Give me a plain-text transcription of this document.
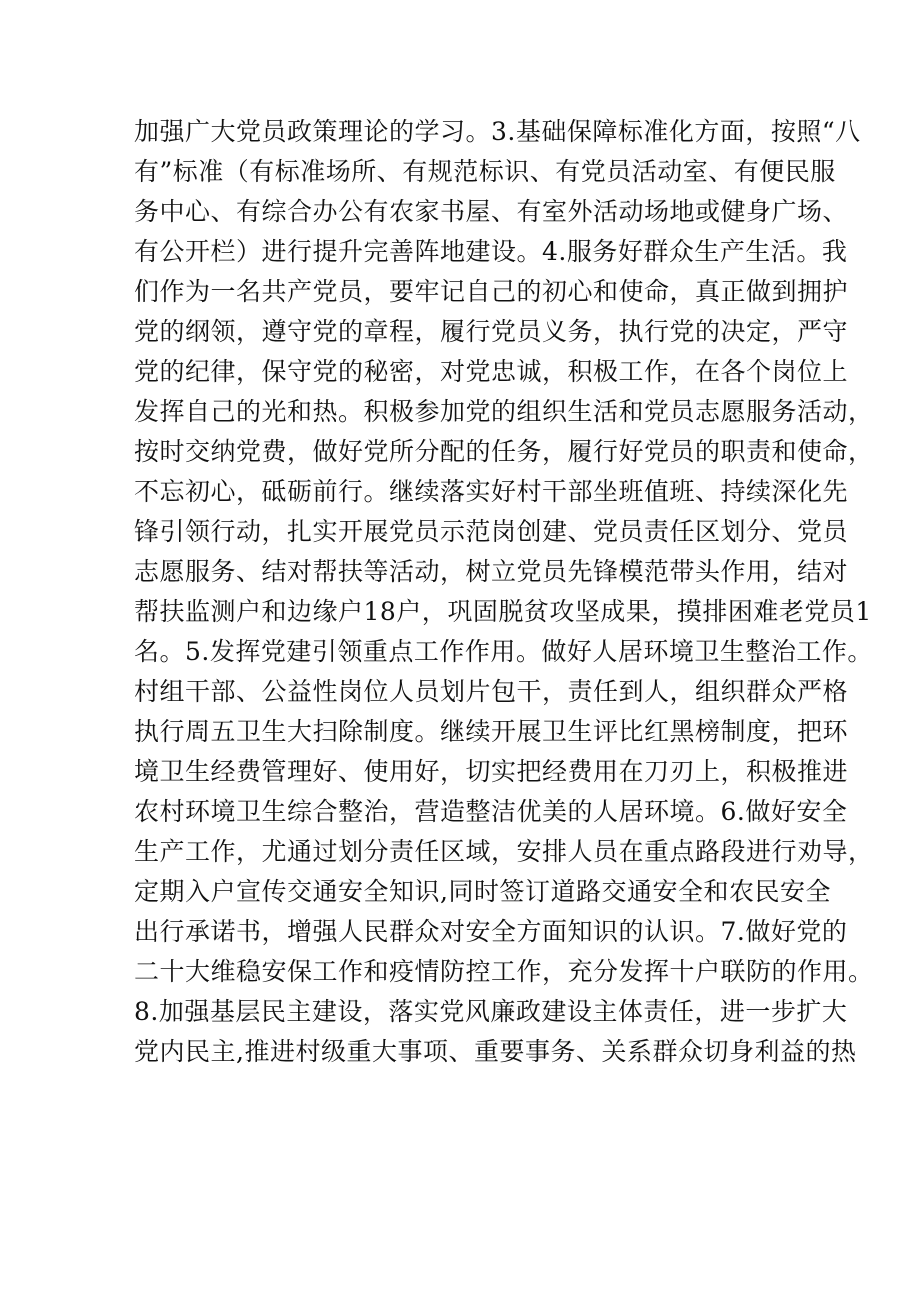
加强广大党员政策理论的学习。3.基础保障标准化方面，按照“八
有”标准（有标准场所、有规范标识、有党员活动室、有便民服
务中心、有综合办公有农家书屋、有室外活动场地或健身广场、
有公开栏）进行提升完善阵地建设。4.服务好群众生产生活。我
们作为一名共产党员，要牢记自己的初心和使命，真正做到拥护
党的纲领，遵守党的章程，履行党员义务，执行党的决定，严守
党的纪律，保守党的秘密，对党忠诚，积极工作，在各个岗位上
发挥自己的光和热。积极参加党的组织生活和党员志愿服务活动，
按时交纳党费，做好党所分配的任务，履行好党员的职责和使命，
不忘初心，砥砺前行。继续落实好村干部坐班值班、持续深化先
锋引领行动，扎实开展党员示范岗创建、党员责任区划分、党员
志愿服务、结对帮扶等活动，树立党员先锋模范带头作用，结对
帮扶监测户和边缘户18户，巩固脱贫攻坚成果，摸排困难老党员1
名。5.发挥党建引领重点工作作用。做好人居环境卫生整治工作。
村组干部、公益性岗位人员划片包干，责任到人，组织群众严格
执行周五卫生大扫除制度。继续开展卫生评比红黑榜制度，把环
境卫生经费管理好、使用好，切实把经费用在刀刃上，积极推进
农村环境卫生综合整治，营造整洁优美的人居环境。6.做好安全
生产工作，尤通过划分责任区域，安排人员在重点路段进行劝导，
定期入户宣传交通安全知识,同时签订道路交通安全和农民安全
出行承诺书，增强人民群众对安全方面知识的认识。7.做好党的
二十大维稳安保工作和疫情防控工作，充分发挥十户联防的作用。
8.加强基层民主建设，落实党风廉政建设主体责任，进一步扩大
党内民主,推进村级重大事项、重要事务、关系群众切身利益的热
